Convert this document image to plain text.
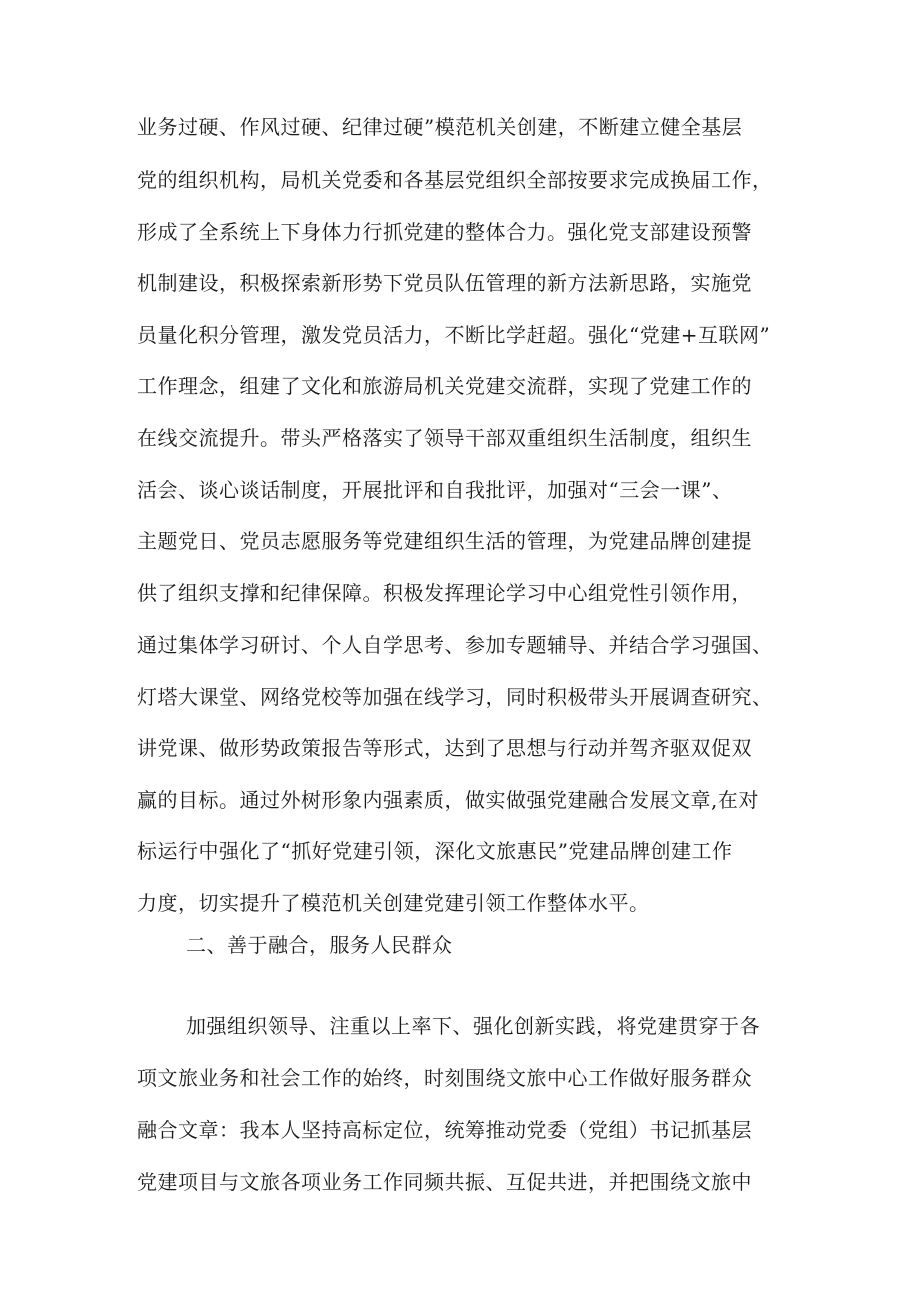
业务过硬、作风过硬、纪律过硬”模范机关创建，不断建立健全基层

党的组织机构，局机关党委和各基层党组织全部按要求完成换届工作，

形成了全系统上下身体力行抓党建的整体合力。强化党支部建设预警

机制建设，积极探索新形势下党员队伍管理的新方法新思路，实施党

员量化积分管理，激发党员活力，不断比学赶超。强化“党建+互联网”

工作理念，组建了文化和旅游局机关党建交流群，实现了党建工作的

在线交流提升。带头严格落实了领导干部双重组织生活制度，组织生

活会、谈心谈话制度，开展批评和自我批评，加强对“三会一课”、

主题党日、党员志愿服务等党建组织生活的管理，为党建品牌创建提

供了组织支撑和纪律保障。积极发挥理论学习中心组党性引领作用，

通过集体学习研讨、个人自学思考、参加专题辅导、并结合学习强国、

灯塔大课堂、网络党校等加强在线学习，同时积极带头开展调查研究、

讲党课、做形势政策报告等形式，达到了思想与行动并驾齐驱双促双

赢的目标。通过外树形象内强素质，做实做强党建融合发展文章,在对

标运行中强化了“抓好党建引领，深化文旅惠民”党建品牌创建工作

力度，切实提升了模范机关创建党建引领工作整体水平。

二、善于融合，服务人民群众

加强组织领导、注重以上率下、强化创新实践，将党建贯穿于各

项文旅业务和社会工作的始终，时刻围绕文旅中心工作做好服务群众

融合文章：我本人坚持高标定位，统筹推动党委（党组）书记抓基层

党建项目与文旅各项业务工作同频共振、互促共进，并把围绕文旅中
